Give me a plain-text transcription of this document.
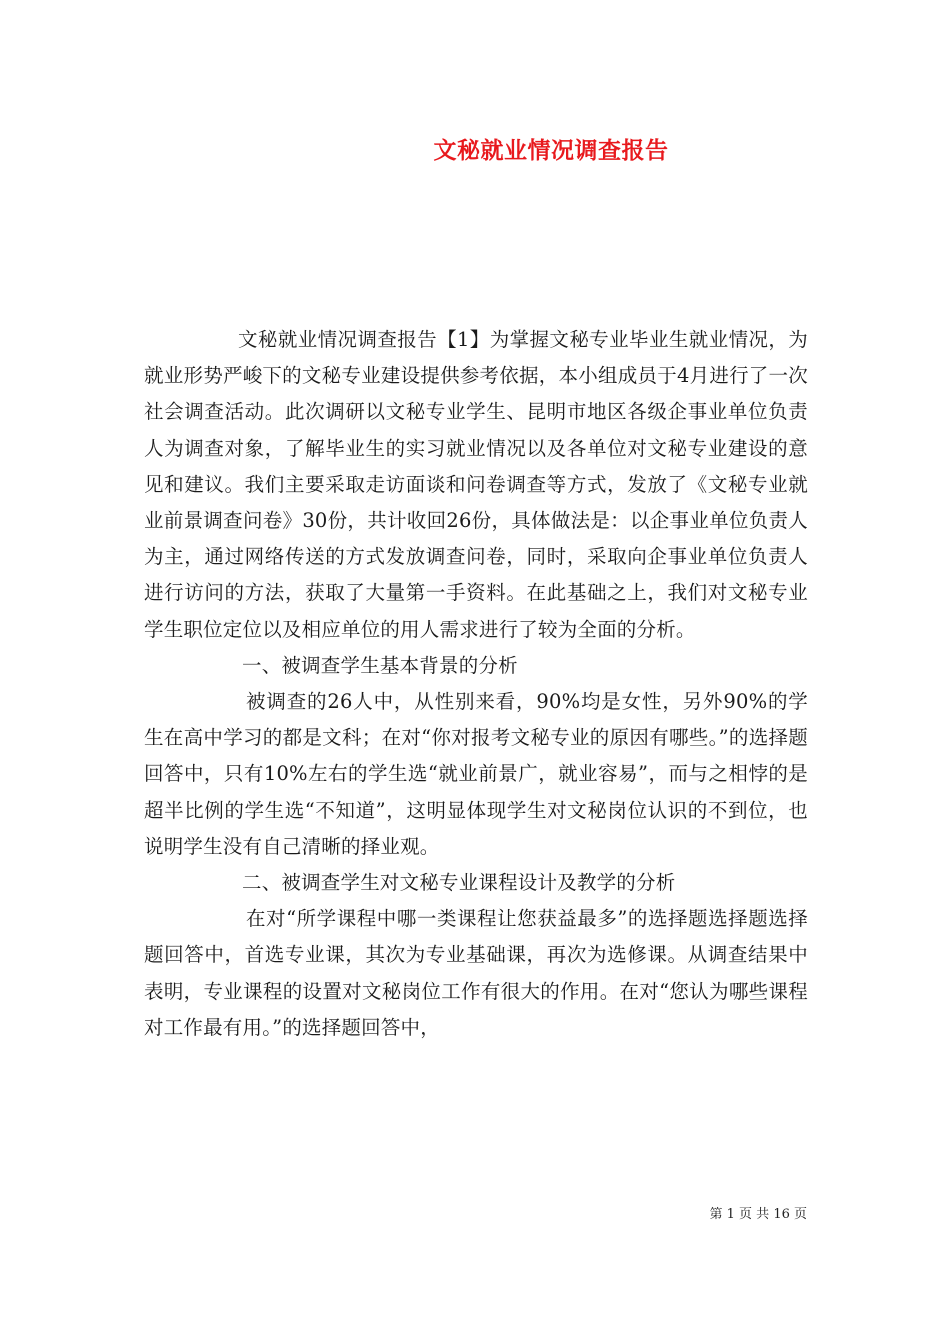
文秘就业情况调查报告

文秘就业情况调查报告【1】为掌握文秘专业毕业生就业情况，为就业形势严峻下的文秘专业建设提供参考依据，本小组成员于4月进行了一次社会调查活动。此次调研以文秘专业学生、昆明市地区各级企事业单位负责人为调查对象，了解毕业生的实习就业情况以及各单位对文秘专业建设的意见和建议。我们主要采取走访面谈和问卷调查等方式，发放了《文秘专业就业前景调查问卷》30份，共计收回26份，具体做法是：以企事业单位负责人为主，通过网络传送的方式发放调查问卷，同时，采取向企事业单位负责人进行访问的方法，获取了大量第一手资料。在此基础之上，我们对文秘专业学生职位定位以及相应单位的用人需求进行了较为全面的分析。

一、被调查学生基本背景的分析

被调查的26人中，从性别来看，90%均是女性，另外90%的学生在高中学习的都是文科；在对“你对报考文秘专业的原因有哪些。”的选择题回答中，只有10%左右的学生选“就业前景广，就业容易”，而与之相悖的是超半比例的学生选“不知道”，这明显体现学生对文秘岗位认识的不到位，也说明学生没有自己清晰的择业观。

二、被调查学生对文秘专业课程设计及教学的分析

在对“所学课程中哪一类课程让您获益最多”的选择题选择题选择题回答中，首选专业课，其次为专业基础课，再次为选修课。从调查结果中表明，专业课程的设置对文秘岗位工作有很大的作用。在对“您认为哪些课程对工作最有用。”的选择题回答中，

第 1 页 共 16 页
